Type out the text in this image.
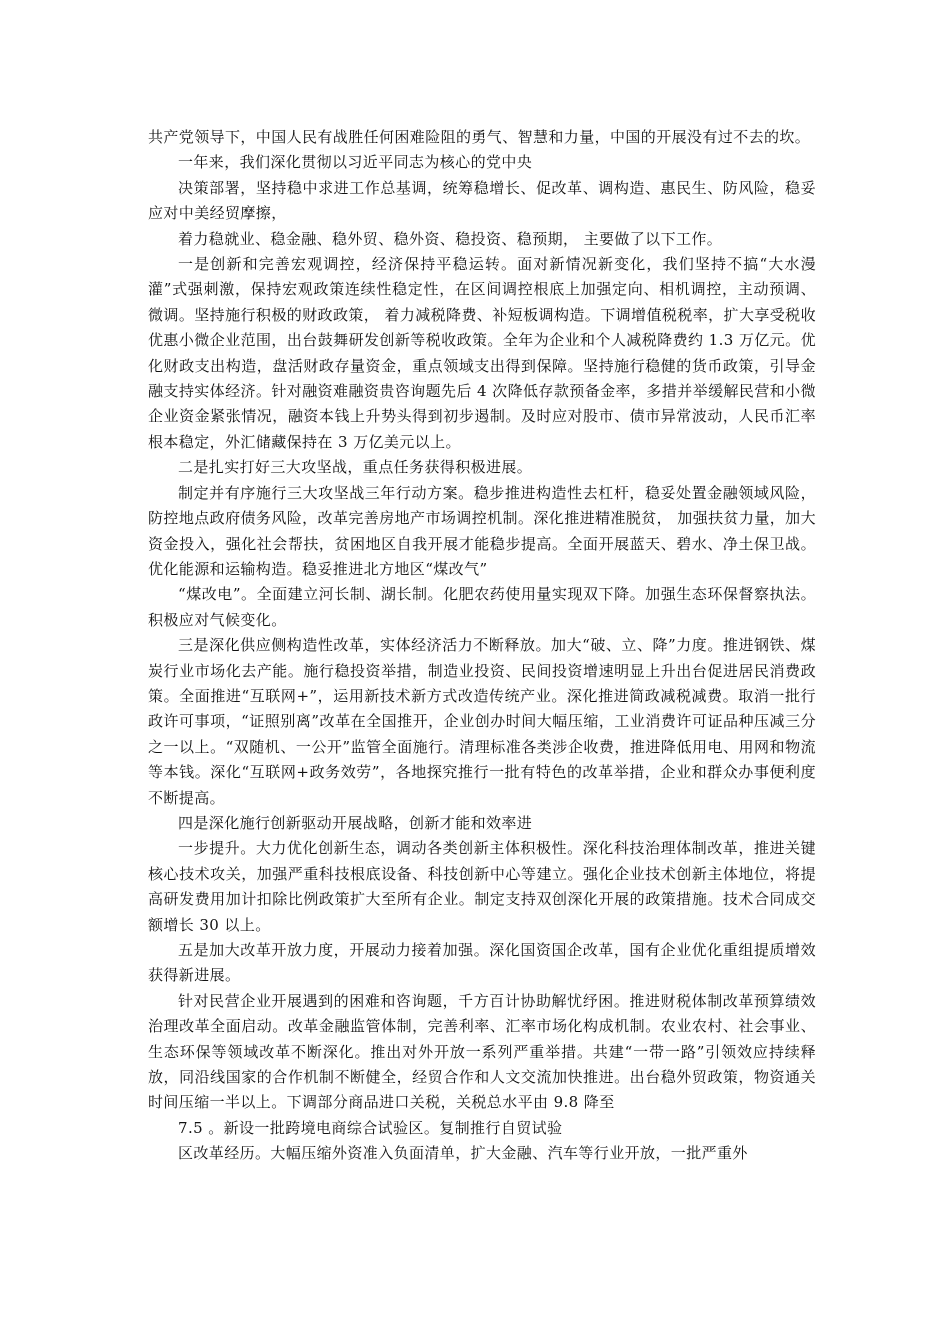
共产党领导下，中国人民有战胜任何困难险阻的勇气、智慧和力量，中国的开展没有过不去的坎。

一年来，我们深化贯彻以习近平同志为核心的党中央

决策部署，坚持稳中求进工作总基调，统筹稳增长、促改革、调构造、惠民生、防风险，稳妥应对中美经贸摩擦，

着力稳就业、稳金融、稳外贸、稳外资、稳投资、稳预期， 主要做了以下工作。

一是创新和完善宏观调控，经济保持平稳运转。面对新情况新变化，我们坚持不搞“大水漫灌”式强刺激，保持宏观政策连续性稳定性，在区间调控根底上加强定向、相机调控，主动预调、微调。坚持施行积极的财政政策， 着力减税降费、补短板调构造。下调增值税税率，扩大享受税收优惠小微企业范围，出台鼓舞研发创新等税收政策。全年为企业和个人减税降费约 1.3 万亿元。优化财政支出构造，盘活财政存量资金，重点领域支出得到保障。坚持施行稳健的货币政策，引导金融支持实体经济。针对融资难融资贵咨询题先后 4 次降低存款预备金率，多措并举缓解民营和小微企业资金紧张情况，融资本钱上升势头得到初步遏制。及时应对股市、债市异常波动，人民币汇率根本稳定，外汇储藏保持在 3 万亿美元以上。

二是扎实打好三大攻坚战，重点任务获得积极进展。

制定并有序施行三大攻坚战三年行动方案。稳步推进构造性去杠杆，稳妥处置金融领域风险，防控地点政府债务风险，改革完善房地产市场调控机制。深化推进精准脱贫， 加强扶贫力量，加大资金投入，强化社会帮扶，贫困地区自我开展才能稳步提高。全面开展蓝天、碧水、净土保卫战。优化能源和运输构造。稳妥推进北方地区“煤改气”

“煤改电”。全面建立河长制、湖长制。化肥农药使用量实现双下降。加强生态环保督察执法。积极应对气候变化。

三是深化供应侧构造性改革，实体经济活力不断释放。加大“破、立、降”力度。推进钢铁、煤炭行业市场化去产能。施行稳投资举措，制造业投资、民间投资增速明显上升出台促进居民消费政策。全面推进“互联网+”，运用新技术新方式改造传统产业。深化推进简政减税减费。取消一批行政许可事项，“证照别离”改革在全国推开，企业创办时间大幅压缩，工业消费许可证品种压减三分之一以上。“双随机、一公开”监管全面施行。清理标准各类涉企收费，推进降低用电、用网和物流等本钱。深化“互联网+政务效劳”，各地探究推行一批有特色的改革举措，企业和群众办事便利度不断提高。

四是深化施行创新驱动开展战略，创新才能和效率进

一步提升。大力优化创新生态，调动各类创新主体积极性。深化科技治理体制改革，推进关键核心技术攻关，加强严重科技根底设备、科技创新中心等建立。强化企业技术创新主体地位，将提高研发费用加计扣除比例政策扩大至所有企业。制定支持双创深化开展的政策措施。技术合同成交额增长 30 以上。

五是加大改革开放力度，开展动力接着加强。深化国资国企改革，国有企业优化重组提质增效获得新进展。

针对民营企业开展遇到的困难和咨询题，千方百计协助解忧纾困。推进财税体制改革预算绩效治理改革全面启动。改革金融监管体制，完善利率、汇率市场化构成机制。农业农村、社会事业、生态环保等领域改革不断深化。推出对外开放一系列严重举措。共建“一带一路”引领效应持续释放，同沿线国家的合作机制不断健全，经贸合作和人文交流加快推进。出台稳外贸政策，物资通关时间压缩一半以上。下调部分商品进口关税，关税总水平由 9.8 降至

7.5 。新设一批跨境电商综合试验区。复制推行自贸试验

区改革经历。大幅压缩外资准入负面清单，扩大金融、汽车等行业开放，一批严重外
